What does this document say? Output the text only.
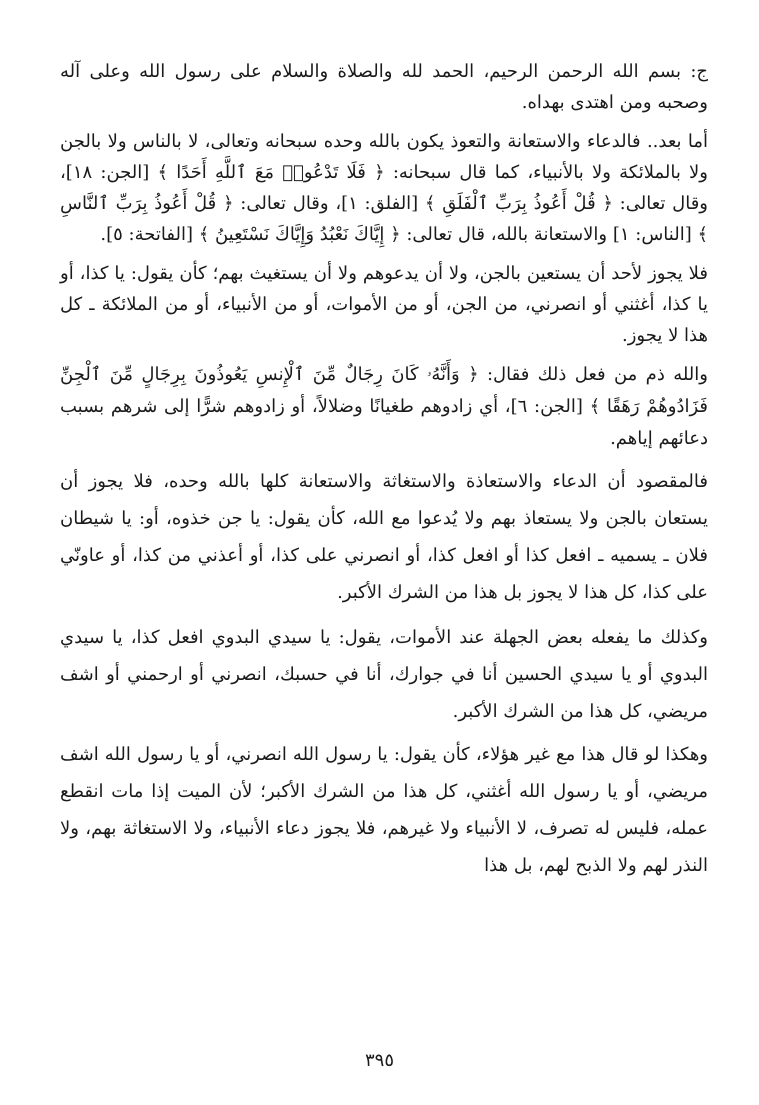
ج: بسم الله الرحمن الرحيم، الحمد لله والصلاة والسلام على رسول الله وعلى آله وصحبه ومن اهتدى بهداه.

أما بعد.. فالدعاء والاستعانة والتعوذ يكون بالله وحده سبحانه وتعالى، لا بالناس ولا بالجن ولا بالملائكة ولا بالأنبياء، كما قال سبحانه: ﴿ فَلَا تَدْعُوا۟ مَعَ ٱللَّهِ أَحَدًا ﴾ [الجن: ١٨]، وقال تعالى: ﴿ قُلْ أَعُوذُ بِرَبِّ ٱلْفَلَقِ ﴾ [الفلق: ١]، وقال تعالى: ﴿ قُلْ أَعُوذُ بِرَبِّ ٱلنَّاسِ ﴾ [الناس: ١] والاستعانة بالله، قال تعالى: ﴿ إِيَّاكَ نَعْبُدُ وَإِيَّاكَ نَسْتَعِينُ ﴾ [الفاتحة: ٥].

فلا يجوز لأحد أن يستعين بالجن، ولا أن يدعوهم ولا أن يستغيث بهم؛ كأن يقول: يا كذا، أو يا كذا، أغثني أو انصرني، من الجن، أو من الأموات، أو من الأنبياء، أو من الملائكة ـ كل هذا لا يجوز.

والله ذم من فعل ذلك فقال: ﴿ وَأَنَّهُۥ كَانَ رِجَالٌ مِّنَ ٱلْإِنسِ يَعُوذُونَ بِرِجَالٍ مِّنَ ٱلْجِنِّ فَزَادُوهُمْ رَهَقًا ﴾ [الجن: ٦]، أي زادوهم طغيانًا وضلالاً، أو زادوهم شرًّا إلى شرهم بسبب دعائهم إياهم.

فالمقصود أن الدعاء والاستعاذة والاستغاثة والاستعانة كلها بالله وحده، فلا يجوز أن يستعان بالجن ولا يستعاذ بهم ولا يُدعوا مع الله، كأن يقول: يا جن خذوه، أو: يا شيطان فلان ـ يسميه ـ افعل كذا أو افعل كذا، أو انصرني على كذا، أو أعذني من كذا، أو عاونّي على كذا، كل هذا لا يجوز بل هذا من الشرك الأكبر.

وكذلك ما يفعله بعض الجهلة عند الأموات، يقول: يا سيدي البدوي افعل كذا، يا سيدي البدوي أو يا سيدي الحسين أنا في جوارك، أنا في حسبك، انصرني أو ارحمني أو اشف مريضي، كل هذا من الشرك الأكبر.

وهكذا لو قال هذا مع غير هؤلاء، كأن يقول: يا رسول الله انصرني، أو يا رسول الله اشف مريضي، أو يا رسول الله أغثني، كل هذا من الشرك الأكبر؛ لأن الميت إذا مات انقطع عمله، فليس له تصرف، لا الأنبياء ولا غيرهم، فلا يجوز دعاء الأنبياء، ولا الاستغاثة بهم، ولا النذر لهم ولا الذبح لهم، بل هذا

٣٩٥
